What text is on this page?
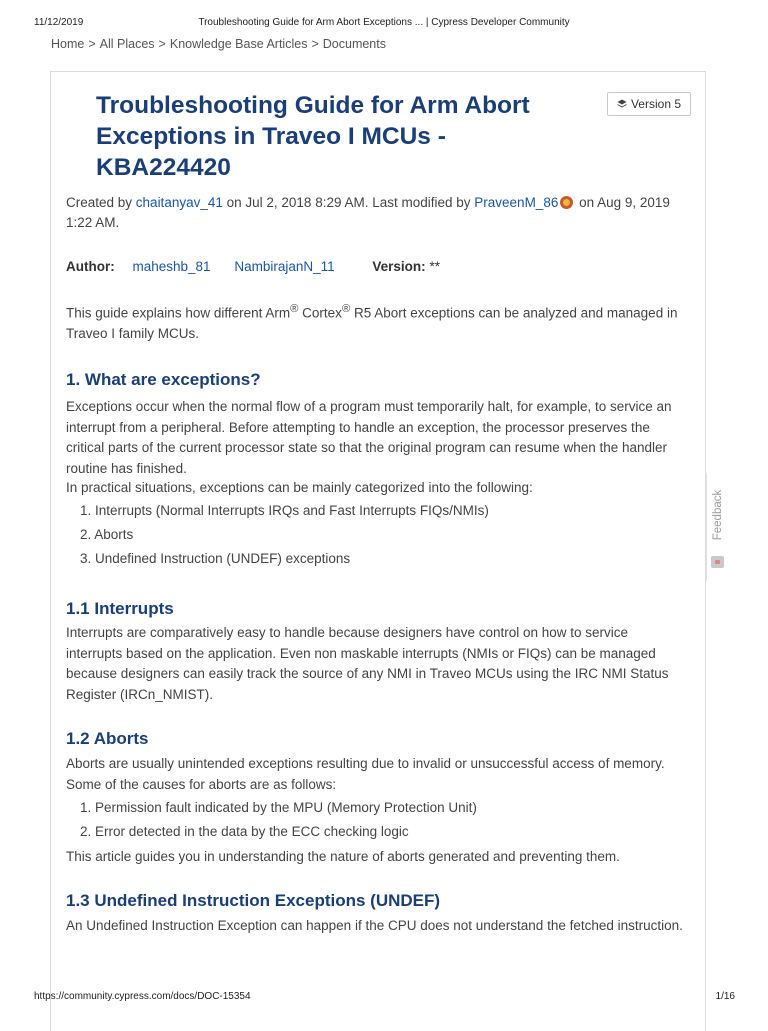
11/12/2019	Troubleshooting Guide for Arm Abort Exceptions ... | Cypress Developer Community
Home > All Places > Knowledge Base Articles > Documents
Version 5
Troubleshooting Guide for Arm Abort
Exceptions in Traveo I MCUs -
KBA224420
Created by chaitanyav_41 on Jul 2, 2018 8:29 AM. Last modified by PraveenM_86 on Aug 9, 2019 1:22 AM.
Author: maheshb_81 NambirajanN_11	Version: **

This guide explains how different Arm® Cortex® R5 Abort exceptions can be analyzed and managed in Traveo I family MCUs.

1. What are exceptions?

Exceptions occur when the normal flow of a program must temporarily halt, for example, to service an interrupt from a peripheral. Before attempting to handle an exception, the processor preserves the critical parts of the current processor state so that the original program can resume when the handler routine has finished.

In practical situations, exceptions can be mainly categorized into the following:

1. Interrupts (Normal Interrupts IRQs and Fast Interrupts FIQs/NMIs)
2. Aborts
3. Undefined Instruction (UNDEF) exceptions
1.1 Interrupts

Interrupts are comparatively easy to handle because designers have control on how to service interrupts based on the application. Even non maskable interrupts (NMIs or FIQs) can be managed because designers can easily track the source of any NMI in Traveo MCUs using the IRC NMI Status Register (IRCn_NMIST).

1.2 Aborts

Aborts are usually unintended exceptions resulting due to invalid or unsuccessful access of memory. Some of the causes for aborts are as follows:

1. Permission fault indicated by the MPU (Memory Protection Unit)
2. Error detected in the data by the ECC checking logic

This article guides you in understanding the nature of aborts generated and preventing them.

1.3 Undefined Instruction Exceptions (UNDEF)

An Undefined Instruction Exception can happen if the CPU does not understand the fetched instruction.

Feedback
https://community.cypress.com/docs/DOC-15354	1/16
